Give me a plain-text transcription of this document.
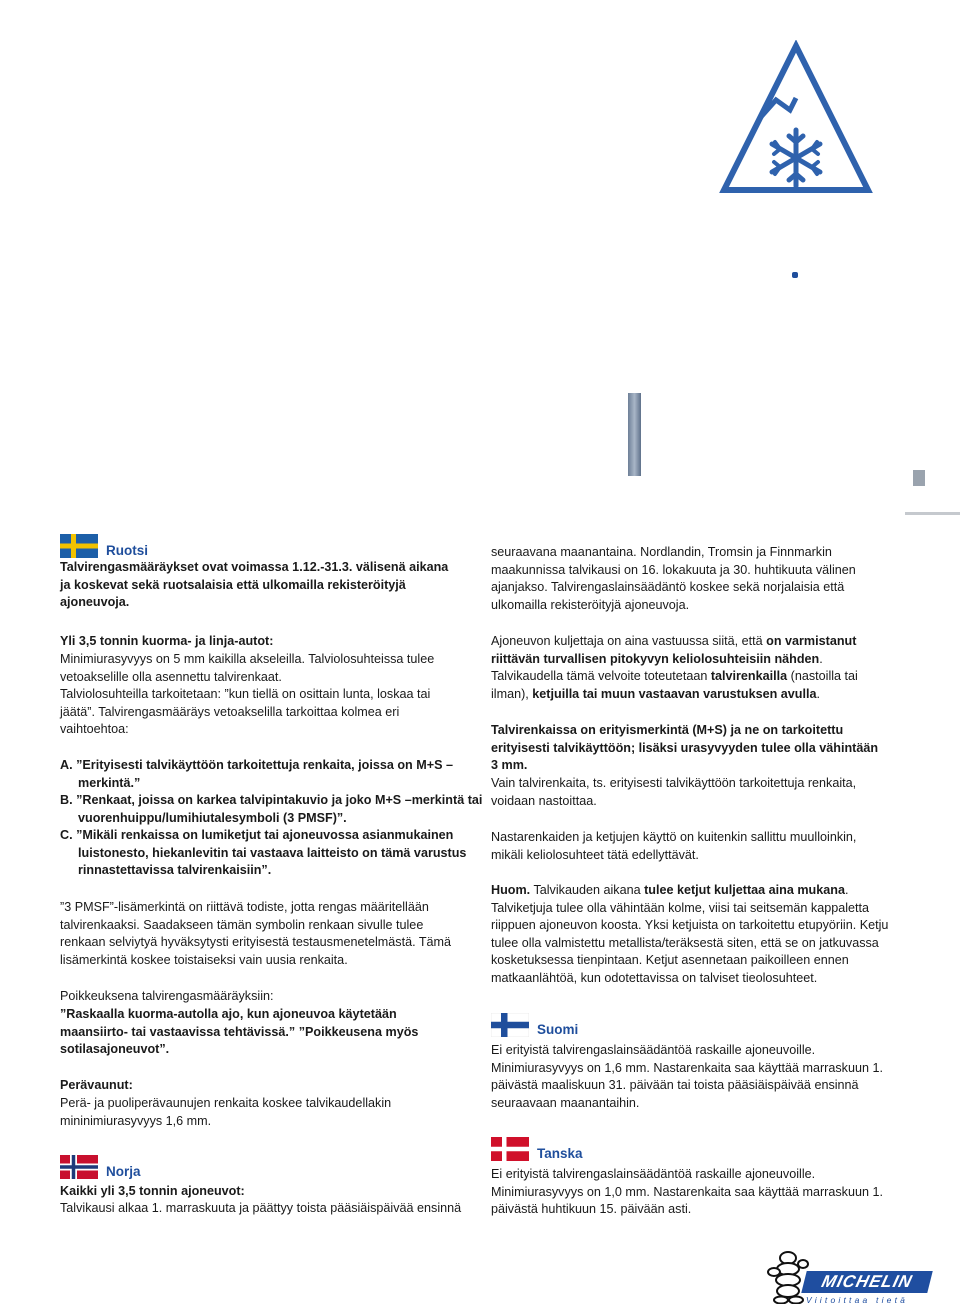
Ruotsi

Talvirengasmääräykset ovat voimassa 1.12.-31.3. välisenä aikana ja koskevat sekä ruotsalaisia että ulkomailla rekisteröityjä ajoneuvoja.

Yli 3,5 tonnin kuorma- ja linja-autot:

Minimiurasyvyys on 5 mm kaikilla akseleilla. Talviolosuhteissa tulee vetoakselille olla asennettu talvirenkaat.

Talviolosuhteilla tarkoitetaan: ”kun tiellä on osittain lunta, loskaa tai jäätä”. Talvirengasmääräys vetoakselilla tarkoittaa kolmea eri vaihtoehtoa:

A. ”Erityisesti talvikäyttöön tarkoitettuja renkaita, joissa on M+S –merkintä.”

B. ”Renkaat, joissa on karkea talvipintakuvio ja joko M+S –merkintä tai vuorenhuippu/lumihiutalesymboli (3 PMSF)”.

C. ”Mikäli renkaissa on lumiketjut tai ajoneuvossa asianmukainen luistonesto, hiekanlevitin tai vastaava laitteisto on tämä varustus rinnastettavissa talvirenkaisiin”.

”3 PMSF”-lisämerkintä on riittävä todiste, jotta rengas määritellään talvirenkaaksi. Saadakseen tämän symbolin renkaan sivulle tulee renkaan selviytyä hyväksytysti erityisestä testausmenetelmästä. Tämä lisämerkintä koskee toistaiseksi vain uusia renkaita.

Poikkeuksena talvirengasmääräyksiin:

”Raskaalla kuorma-autolla ajo, kun ajoneuvoa käytetään maansiirto- tai vastaavissa tehtävissä.” ”Poikkeusena myös sotilasajoneuvot”.

Perävaunut:

Perä- ja puoliperävaunujen renkaita koskee talvikaudellakin mininimiurasyvyys 1,6 mm.

Norja

Kaikki yli 3,5 tonnin ajoneuvot:

Talvikausi alkaa 1. marraskuuta ja päättyy toista pääsiäispäivää ensinnä

seuraavana maanantaina. Nordlandin, Tromsin ja Finnmarkin maakunnissa talvikausi on 16. lokakuuta ja 30. huhtikuuta välinen ajanjakso. Talvirengaslainsäädäntö koskee sekä norjalaisia että ulkomailla rekisteröityjä ajoneuvoja.

Ajoneuvon kuljettaja on aina vastuussa siitä, että on varmistanut riittävän turvallisen pitokyvyn keliolosuhteisiin nähden. Talvikaudella tämä velvoite toteutetaan talvirenkailla (nastoilla tai ilman), ketjuilla tai muun vastaavan varustuksen avulla.

Talvirenkaissa on erityismerkintä (M+S) ja ne on tarkoitettu erityisesti talvikäyttöön; lisäksi urasyvyyden tulee olla vähintään 3 mm.

Vain talvirenkaita, ts. erityisesti talvikäyttöön tarkoitettuja renkaita, voidaan nastoittaa.

Nastarenkaiden ja ketjujen käyttö on kuitenkin sallittu muulloinkin, mikäli keliolosuhteet tätä edellyttävät.

Huom. Talvikauden aikana tulee ketjut kuljettaa aina mukana. Talviketjuja tulee olla vähintään kolme, viisi tai seitsemän kappaletta riippuen ajoneuvon koosta. Yksi ketjuista on tarkoitettu etupyöriin. Ketju tulee olla valmistettu metallista/teräksestä siten, että se on jatkuvassa kosketuksessa tienpintaan. Ketjut asennetaan paikoilleen ennen matkaanlähtöä, kun odotettavissa on talviset tieolosuhteet.

Suomi

Ei erityistä talvirengaslainsäädäntöä raskaille ajoneuvoille. Minimiurasyvyys on 1,6 mm. Nastarenkaita saa käyttää marraskuun 1. päivästä maaliskuun 31. päivään tai toista pääsiäispäivää ensinnä seuraavaan maanantaihin.

Tanska

Ei erityistä talvirengaslainsäädäntöä raskaille ajoneuvoille. Minimiurasyvyys on 1,0 mm. Nastarenkaita saa käyttää marraskuun 1. päivästä huhtikuun 15. päivään asti.

MICHELIN
Viitoittaa tietä
